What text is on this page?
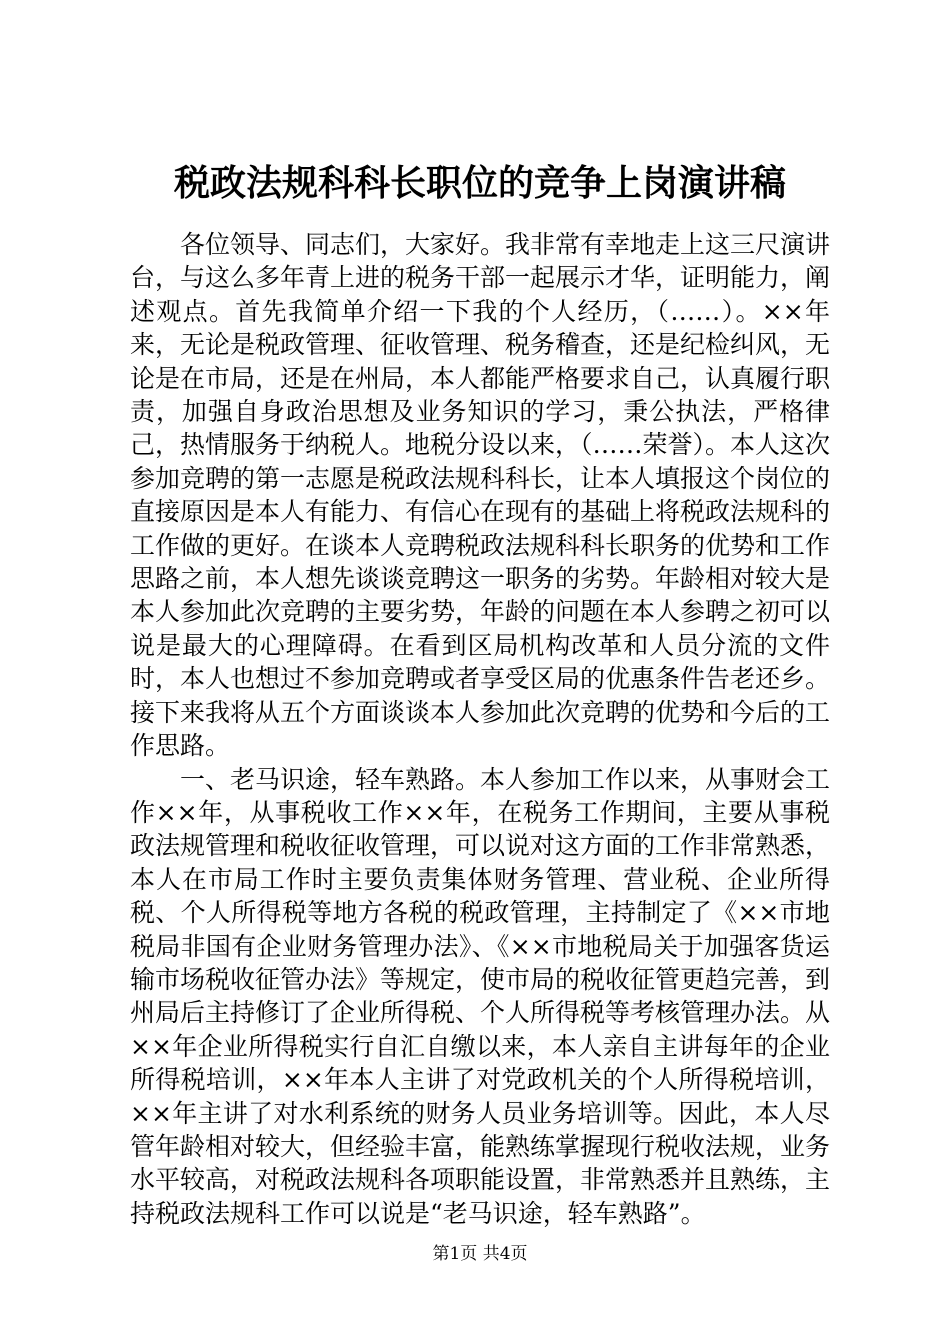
税政法规科科长职位的竞争上岗演讲稿

各位领导、同志们，大家好。我非常有幸地走上这三尺演讲台，与这么多年青上进的税务干部一起展示才华，证明能力，阐述观点。首先我简单介绍一下我的个人经历，（……）。××年来，无论是税政管理、征收管理、税务稽查，还是纪检纠风，无论是在市局，还是在州局，本人都能严格要求自己，认真履行职责，加强自身政治思想及业务知识的学习，秉公执法，严格律己，热情服务于纳税人。地税分设以来，（……荣誉）。本人这次参加竞聘的第一志愿是税政法规科科长，让本人填报这个岗位的直接原因是本人有能力、有信心在现有的基础上将税政法规科的工作做的更好。在谈本人竞聘税政法规科科长职务的优势和工作思路之前，本人想先谈谈竞聘这一职务的劣势。年龄相对较大是本人参加此次竞聘的主要劣势，年龄的问题在本人参聘之初可以说是最大的心理障碍。在看到区局机构改革和人员分流的文件时，本人也想过不参加竞聘或者享受区局的优惠条件告老还乡。接下来我将从五个方面谈谈本人参加此次竞聘的优势和今后的工作思路。

一、老马识途，轻车熟路。本人参加工作以来，从事财会工作××年，从事税收工作××年，在税务工作期间，主要从事税政法规管理和税收征收管理，可以说对这方面的工作非常熟悉，本人在市局工作时主要负责集体财务管理、营业税、企业所得税、个人所得税等地方各税的税政管理，主持制定了《××市地税局非国有企业财务管理办法》、《××市地税局关于加强客货运输市场税收征管办法》等规定，使市局的税收征管更趋完善，到州局后主持修订了企业所得税、个人所得税等考核管理办法。从××年企业所得税实行自汇自缴以来，本人亲自主讲每年的企业所得税培训，××年本人主讲了对党政机关的个人所得税培训，××年主讲了对水利系统的财务人员业务培训等。因此，本人尽管年龄相对较大，但经验丰富，能熟练掌握现行税收法规，业务水平较高，对税政法规科各项职能设置，非常熟悉并且熟练，主持税政法规科工作可以说是“老马识途，轻车熟路”。

第1页 共4页
